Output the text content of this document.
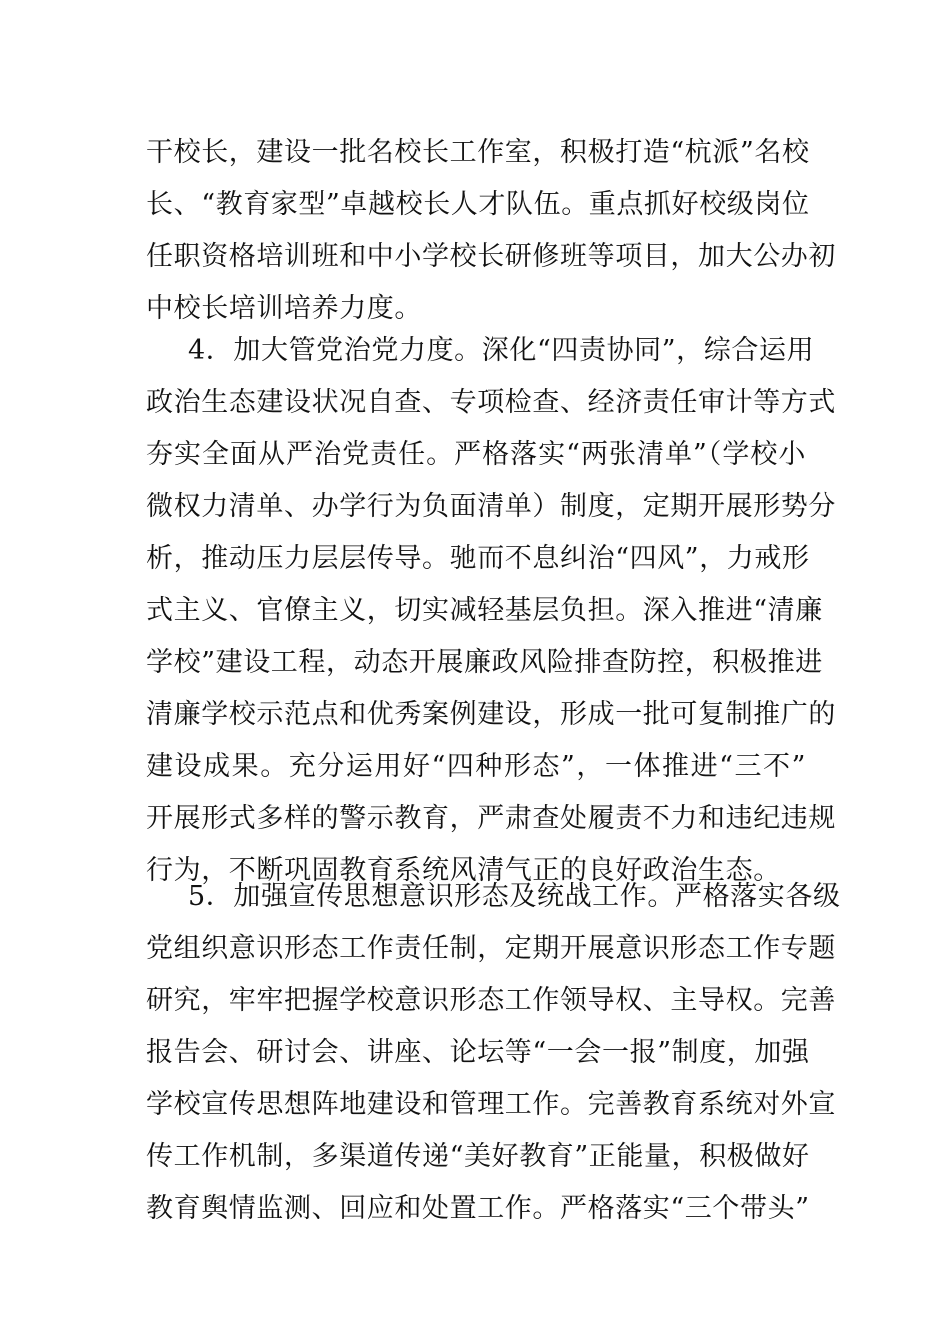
干校长，建设一批名校长工作室，积极打造“杭派”名校
长、“教育家型”卓越校长人才队伍。重点抓好校级岗位
任职资格培训班和中小学校长研修班等项目，加大公办初
中校长培训培养力度。
4．加大管党治党力度。深化“四责协同”，综合运用
政治生态建设状况自查、专项检查、经济责任审计等方式
夯实全面从严治党责任。严格落实“两张清单”（学校小
微权力清单、办学行为负面清单）制度，定期开展形势分
析，推动压力层层传导。驰而不息纠治“四风”，力戒形
式主义、官僚主义，切实减轻基层负担。深入推进“清廉
学校”建设工程，动态开展廉政风险排查防控，积极推进
清廉学校示范点和优秀案例建设，形成一批可复制推广的
建设成果。充分运用好“四种形态”，一体推进“三不”
开展形式多样的警示教育，严肃查处履责不力和违纪违规
行为，不断巩固教育系统风清气正的良好政治生态。
5．加强宣传思想意识形态及统战工作。严格落实各级
党组织意识形态工作责任制，定期开展意识形态工作专题
研究，牢牢把握学校意识形态工作领导权、主导权。完善
报告会、研讨会、讲座、论坛等“一会一报”制度，加强
学校宣传思想阵地建设和管理工作。完善教育系统对外宣
传工作机制，多渠道传递“美好教育”正能量，积极做好
教育舆情监测、回应和处置工作。严格落实“三个带头”
